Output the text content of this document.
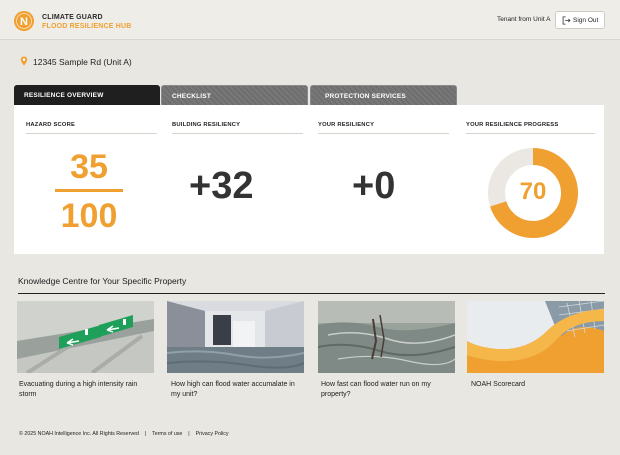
N CLIMATE GUARD
FLOOD RESILIENCE HUB
Tenant from Unit A	Sign Out
12345 Sample Rd (Unit A)
RESILIENCE OVERVIEW	CHECKLIST	PROTECTION SERVICES
HAZARD SCORE	BUILDING RESILIENCY	YOUR RESILIENCY	YOUR RESILIENCE PROGRESS
35
100
+32	+0	70
Knowledge Centre for Your Specific Property
Evacuating during a high intensity rain storm
How high can flood water accumalate in my unit?
How fast can flood water run on my property?
NOAH Scorecard
© 2025 NOAH Intelligence Inc. All Rights Reserved | Terms of use | Privacy Policy
